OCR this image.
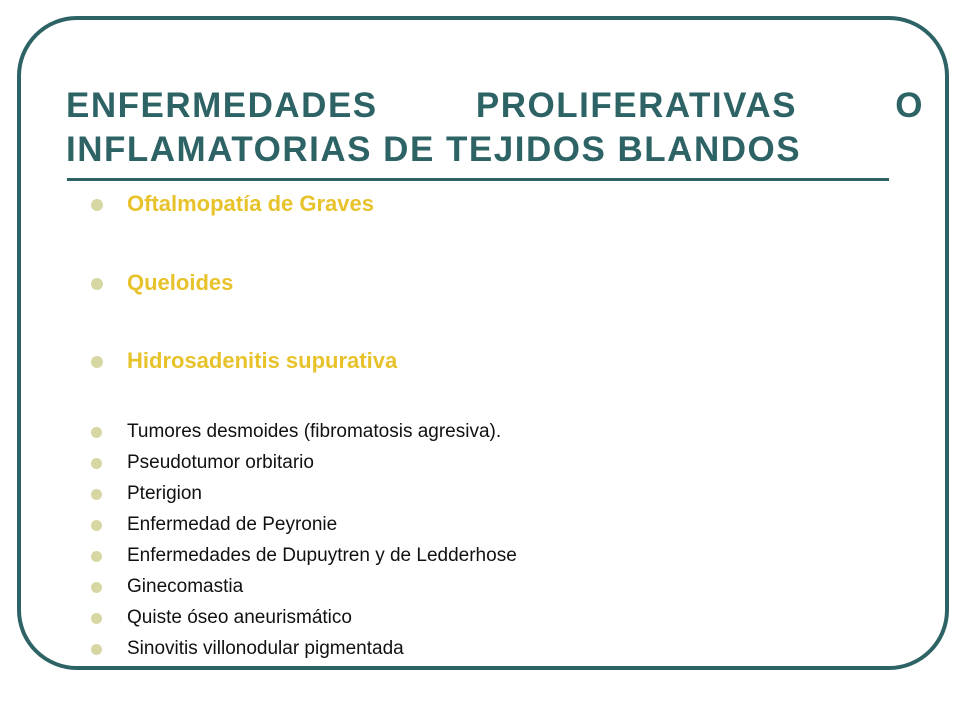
ENFERMEDADES	PROLIFERATIVAS	O
INFLAMATORIAS DE TEJIDOS BLANDOS
Oftalmopatía de Graves
Queloides
Hidrosadenitis supurativa
Tumores desmoides (fibromatosis agresiva).
Pseudotumor orbitario
Pterigion
Enfermedad de Peyronie
Enfermedades de Dupuytren y de Ledderhose
Ginecomastia
Quiste óseo aneurismático
Sinovitis villonodular pigmentada
